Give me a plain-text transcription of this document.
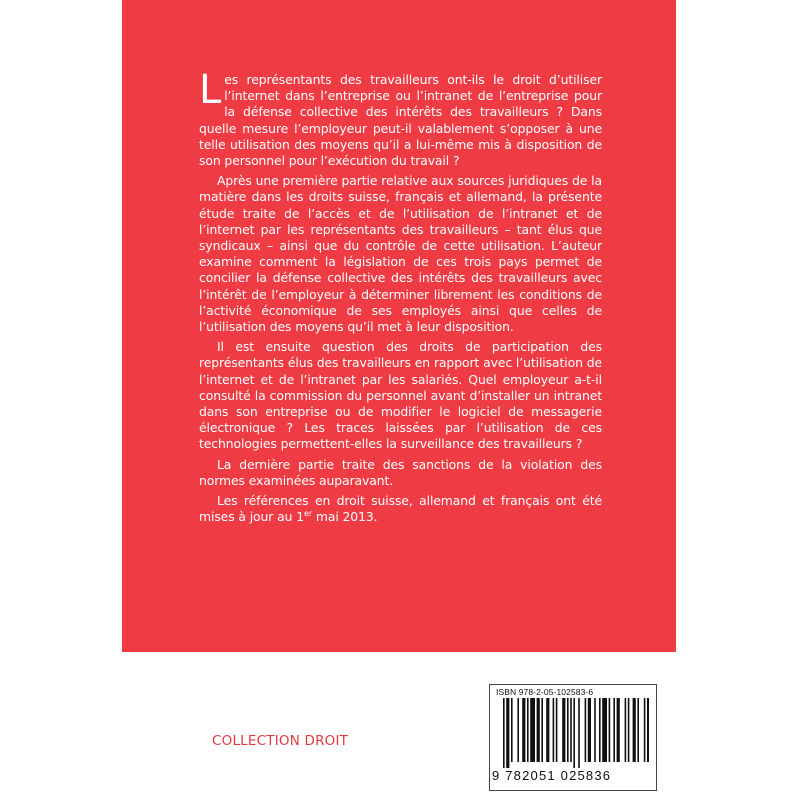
Les représentants des travailleurs ont-ils le droit d’utiliser l’internet dans l’entreprise ou l’intranet de l’entreprise pour la défense collective des intérêts des travailleurs ? Dans quelle mesure l’employeur peut-il valablement s’opposer à une telle utilisation des moyens qu’il a lui-même mis à disposition de son personnel pour l’exécution du travail ?

Après une première partie relative aux sources juridiques de la matière dans les droits suisse, français et allemand, la présente étude traite de l’accès et de l’utilisation de l’intranet et de l’internet par les représentants des travailleurs – tant élus que syndicaux – ainsi que du contrôle de cette utilisation. L’auteur examine comment la législation de ces trois pays permet de concilier la défense collective des intérêts des travailleurs avec l’intérêt de l’employeur à déterminer librement les conditions de l’activité économique de ses employés ainsi que celles de l’utilisation des moyens qu’il met à leur disposition.

Il est ensuite question des droits de participation des représentants élus des travailleurs en rapport avec l’utilisation de l’internet et de l’intranet par les salariés. Quel employeur a-t-il consulté la commission du personnel avant d’installer un intranet dans son entreprise ou de modifier le logiciel de messagerie électronique ? Les traces laissées par l’utilisation de ces technologies permettent-elles la surveillance des travailleurs ?

La dernière partie traite des sanctions de la violation des normes examinées auparavant.

Les références en droit suisse, allemand et français ont été mises à jour au 1er mai 2013.

COLLECTION DROIT
ISBN 978-2-05-102583-6
9 782051 025836
